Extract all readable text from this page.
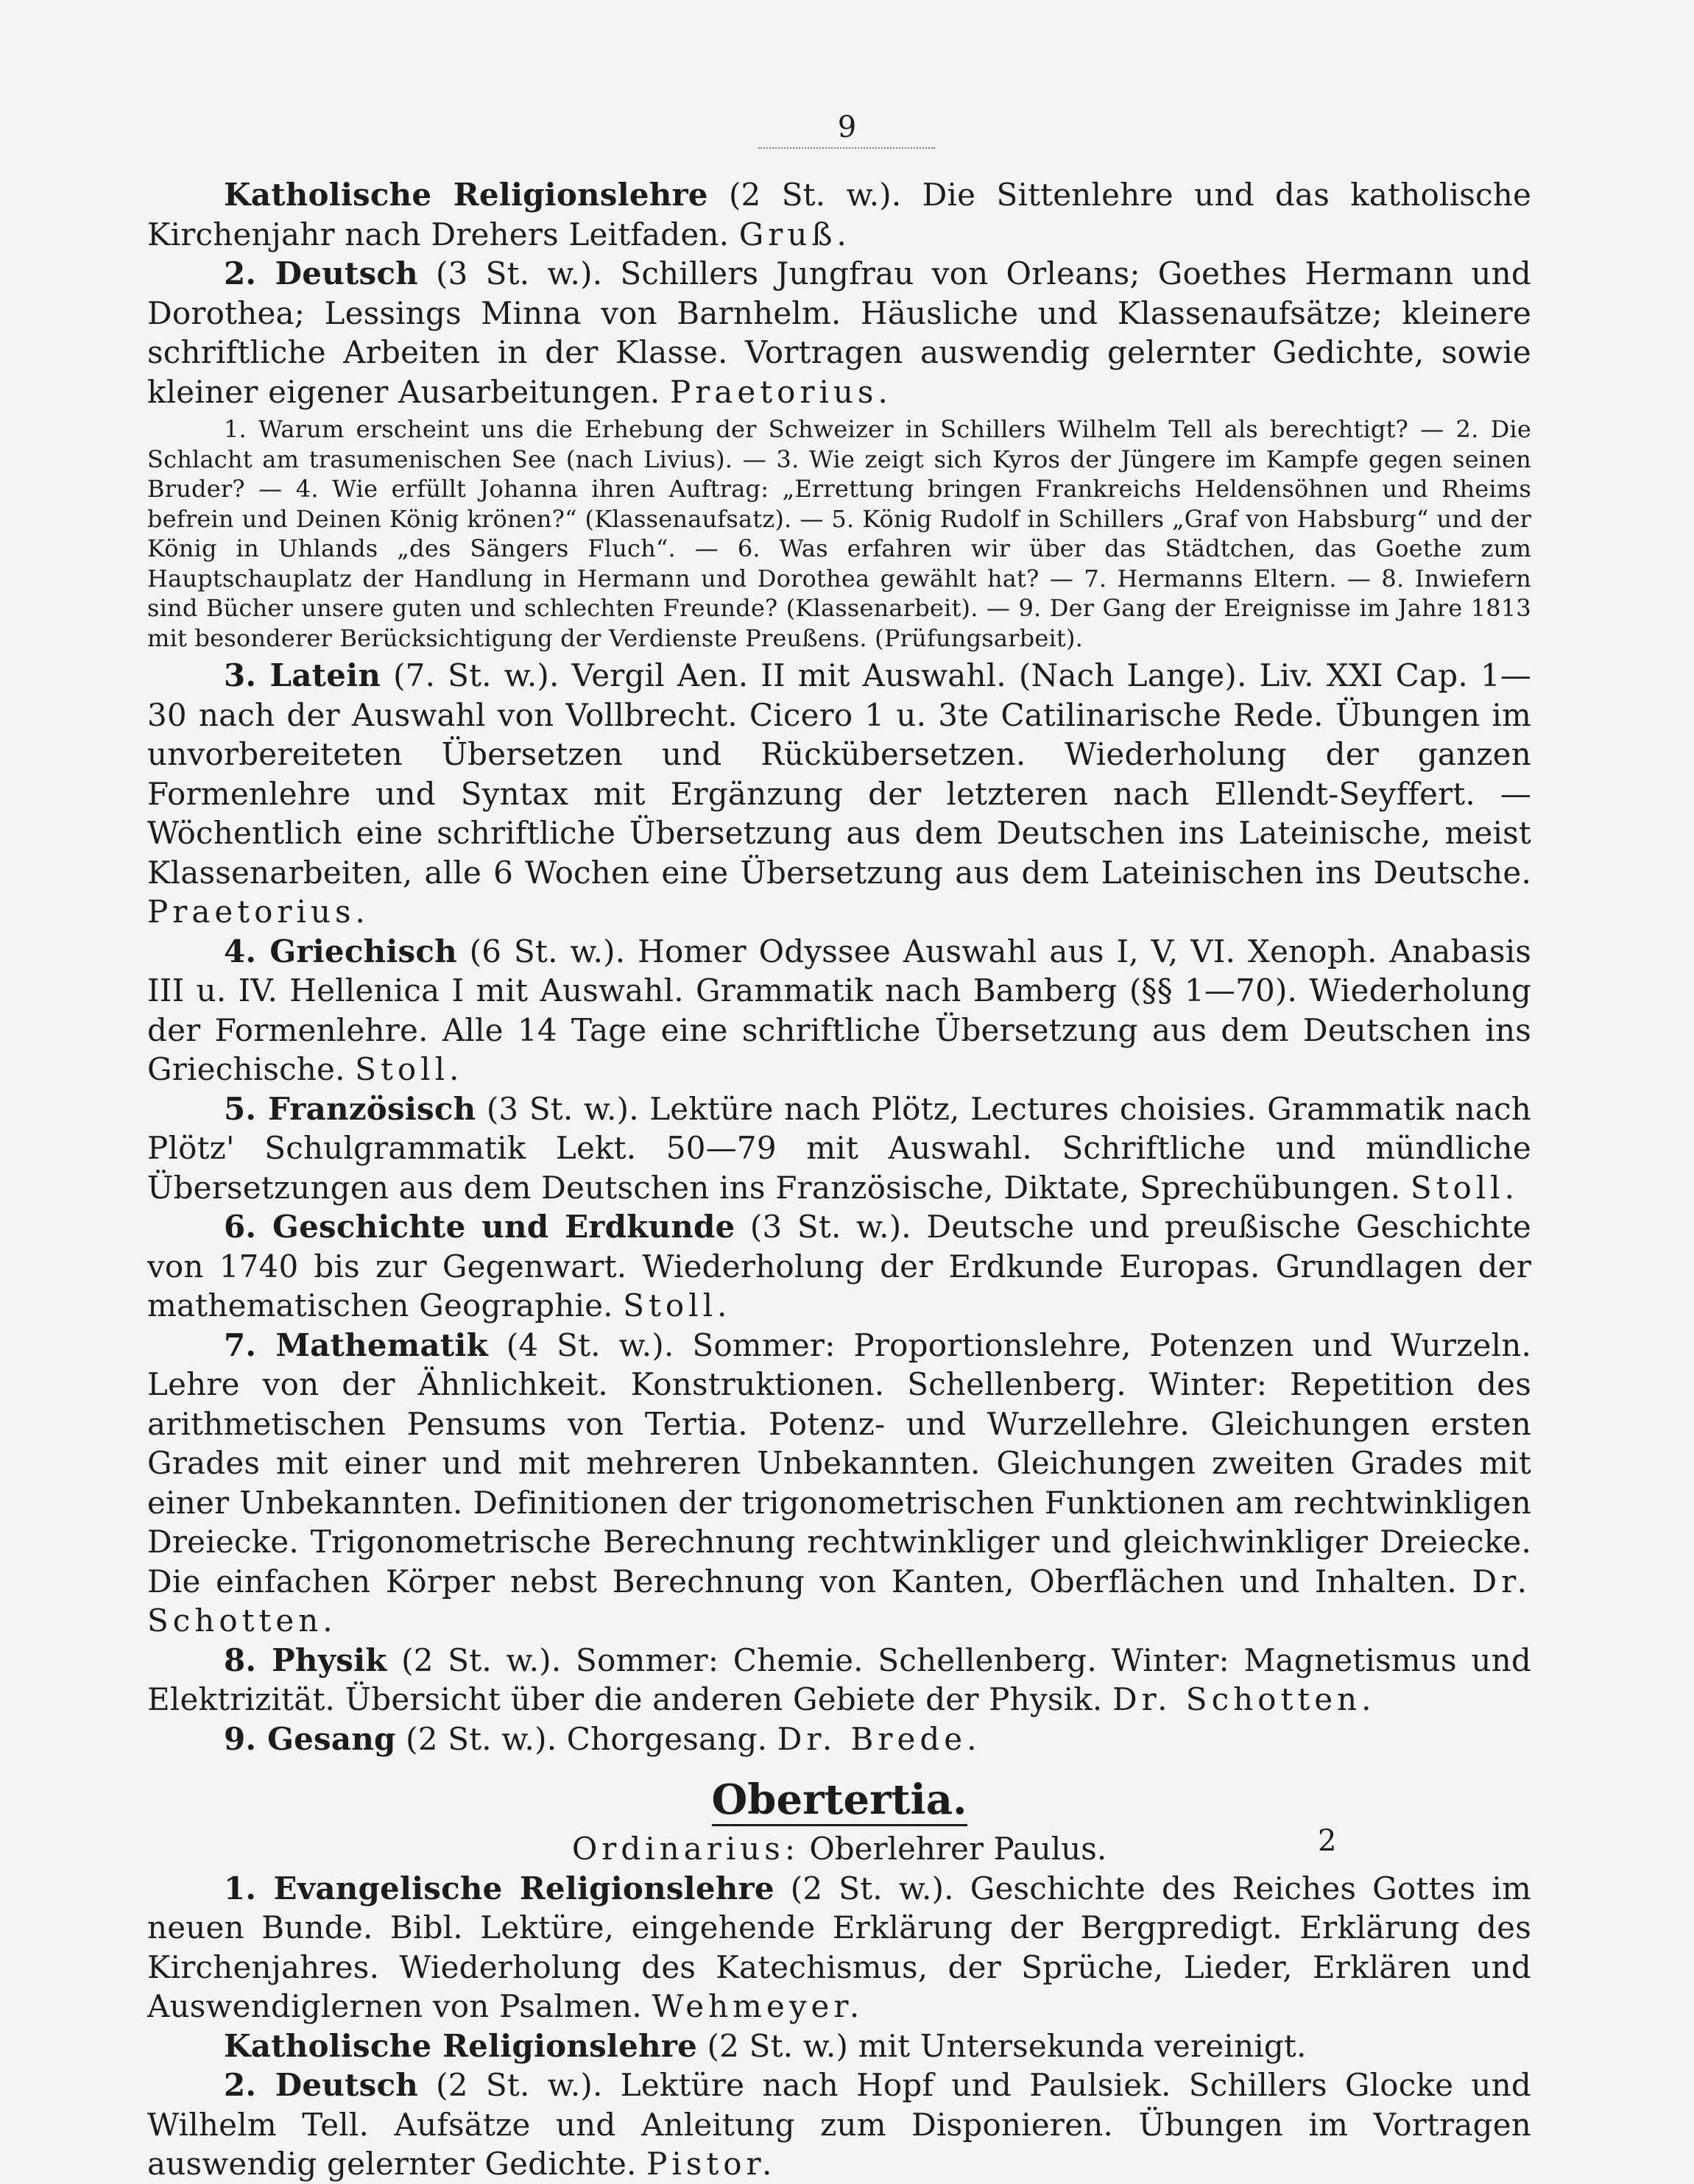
9

Katholische Religionslehre (2 St. w.). Die Sittenlehre und das katholische Kirchenjahr nach Drehers Leitfaden. Gruß.

2. Deutsch (3 St. w.). Schillers Jungfrau von Orleans; Goethes Hermann und Dorothea; Lessings Minna von Barnhelm. Häusliche und Klassenaufsätze; kleinere schriftliche Arbeiten in der Klasse. Vortragen auswendig gelernter Gedichte, sowie kleiner eigener Ausarbeitungen. Praetorius.

1. Warum erscheint uns die Erhebung der Schweizer in Schillers Wilhelm Tell als berechtigt? — 2. Die Schlacht am trasumenischen See (nach Livius). — 3. Wie zeigt sich Kyros der Jüngere im Kampfe gegen seinen Bruder? — 4. Wie erfüllt Johanna ihren Auftrag: „Errettung bringen Frankreichs Heldensöhnen und Rheims befrein und Deinen König krönen?“ (Klassenaufsatz). — 5. König Rudolf in Schillers „Graf von Habsburg“ und der König in Uhlands „des Sängers Fluch“. — 6. Was erfahren wir über das Städtchen, das Goethe zum Hauptschauplatz der Handlung in Hermann und Dorothea gewählt hat? — 7. Hermanns Eltern. — 8. Inwiefern sind Bücher unsere guten und schlechten Freunde? (Klassenarbeit). — 9. Der Gang der Ereignisse im Jahre 1813 mit besonderer Berücksichtigung der Verdienste Preußens. (Prüfungsarbeit).

3. Latein (7. St. w.). Vergil Aen. II mit Auswahl. (Nach Lange). Liv. XXI Cap. 1—30 nach der Auswahl von Vollbrecht. Cicero 1 u. 3te Catilinarische Rede. Übungen im unvorbereiteten Übersetzen und Rückübersetzen. Wiederholung der ganzen Formenlehre und Syntax mit Ergänzung der letzteren nach Ellendt-Seyffert. — Wöchentlich eine schriftliche Übersetzung aus dem Deutschen ins Lateinische, meist Klassenarbeiten, alle 6 Wochen eine Übersetzung aus dem Lateinischen ins Deutsche. Praetorius.

4. Griechisch (6 St. w.). Homer Odyssee Auswahl aus I, V, VI. Xenoph. Anabasis III u. IV. Hellenica I mit Auswahl. Grammatik nach Bamberg (§§ 1—70). Wiederholung der Formenlehre. Alle 14 Tage eine schriftliche Übersetzung aus dem Deutschen ins Griechische. Stoll.

5. Französisch (3 St. w.). Lektüre nach Plötz, Lectures choisies. Grammatik nach Plötz' Schulgrammatik Lekt. 50—79 mit Auswahl. Schriftliche und mündliche Übersetzungen aus dem Deutschen ins Französische, Diktate, Sprechübungen. Stoll.

6. Geschichte und Erdkunde (3 St. w.). Deutsche und preußische Geschichte von 1740 bis zur Gegenwart. Wiederholung der Erdkunde Europas. Grundlagen der mathematischen Geographie. Stoll.

7. Mathematik (4 St. w.). Sommer: Proportionslehre, Potenzen und Wurzeln. Lehre von der Ähnlichkeit. Konstruktionen. Schellenberg. Winter: Repetition des arithmetischen Pensums von Tertia. Potenz- und Wurzellehre. Gleichungen ersten Grades mit einer und mit mehreren Unbekannten. Gleichungen zweiten Grades mit einer Unbekannten. Definitionen der trigonometrischen Funktionen am rechtwinkligen Dreiecke. Trigonometrische Berechnung rechtwinkliger und gleichwinkliger Dreiecke. Die einfachen Körper nebst Berechnung von Kanten, Oberflächen und Inhalten. Dr. Schotten.

8. Physik (2 St. w.). Sommer: Chemie. Schellenberg. Winter: Magnetismus und Elektrizität. Übersicht über die anderen Gebiete der Physik. Dr. Schotten.

9. Gesang (2 St. w.). Chorgesang. Dr. Brede.

Obertertia.
Ordinarius: Oberlehrer Paulus.

1. Evangelische Religionslehre (2 St. w.). Geschichte des Reiches Gottes im neuen Bunde. Bibl. Lektüre, eingehende Erklärung der Bergpredigt. Erklärung des Kirchenjahres. Wiederholung des Katechismus, der Sprüche, Lieder, Erklären und Auswendiglernen von Psalmen. Wehmeyer.

Katholische Religionslehre (2 St. w.) mit Untersekunda vereinigt.

2. Deutsch (2 St. w.). Lektüre nach Hopf und Paulsiek. Schillers Glocke und Wilhelm Tell. Aufsätze und Anleitung zum Disponieren. Übungen im Vortragen auswendig gelernter Gedichte. Pistor.

2
